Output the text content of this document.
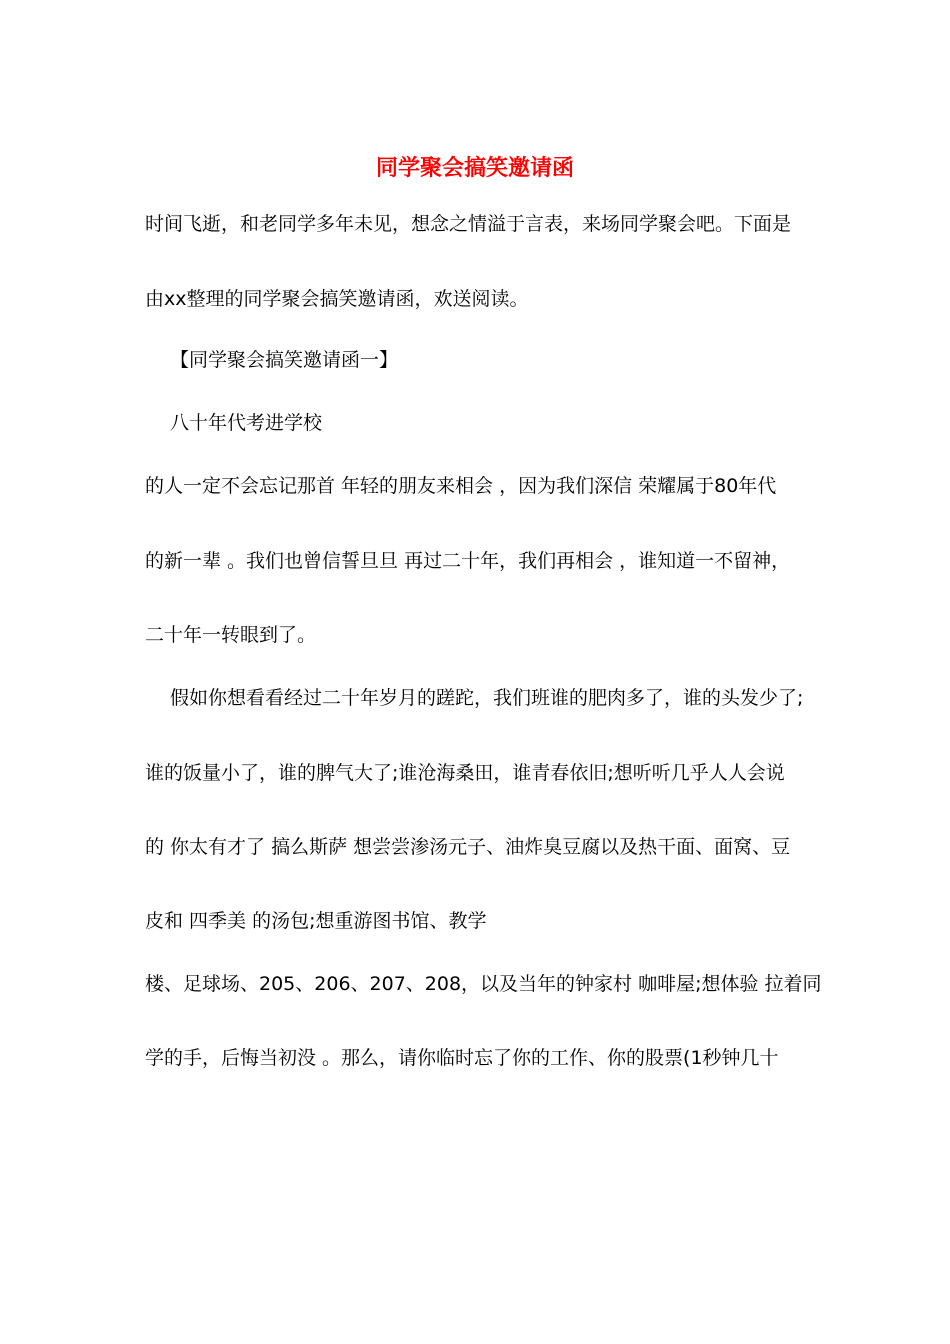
同学聚会搞笑邀请函
时间飞逝，和老同学多年未见，想念之情溢于言表，来场同学聚会吧。下面是
由xx整理的同学聚会搞笑邀请函，欢送阅读。
【同学聚会搞笑邀请函一】
八十年代考进学校
的人一定不会忘记那首 年轻的朋友来相会 ，因为我们深信 荣耀属于80年代
的新一辈 。我们也曾信誓旦旦 再过二十年，我们再相会 ，谁知道一不留神，
二十年一转眼到了。
假如你想看看经过二十年岁月的蹉跎，我们班谁的肥肉多了，谁的头发少了;
谁的饭量小了，谁的脾气大了;谁沧海桑田，谁青春依旧;想听听几乎人人会说
的 你太有才了 搞么斯萨 想尝尝渗汤元子、油炸臭豆腐以及热干面、面窝、豆
皮和 四季美 的汤包;想重游图书馆、教学
楼、足球场、205、206、207、208，以及当年的钟家村 咖啡屋;想体验 拉着同
学的手，后悔当初没 。那么，请你临时忘了你的工作、你的股票(1秒钟几十
